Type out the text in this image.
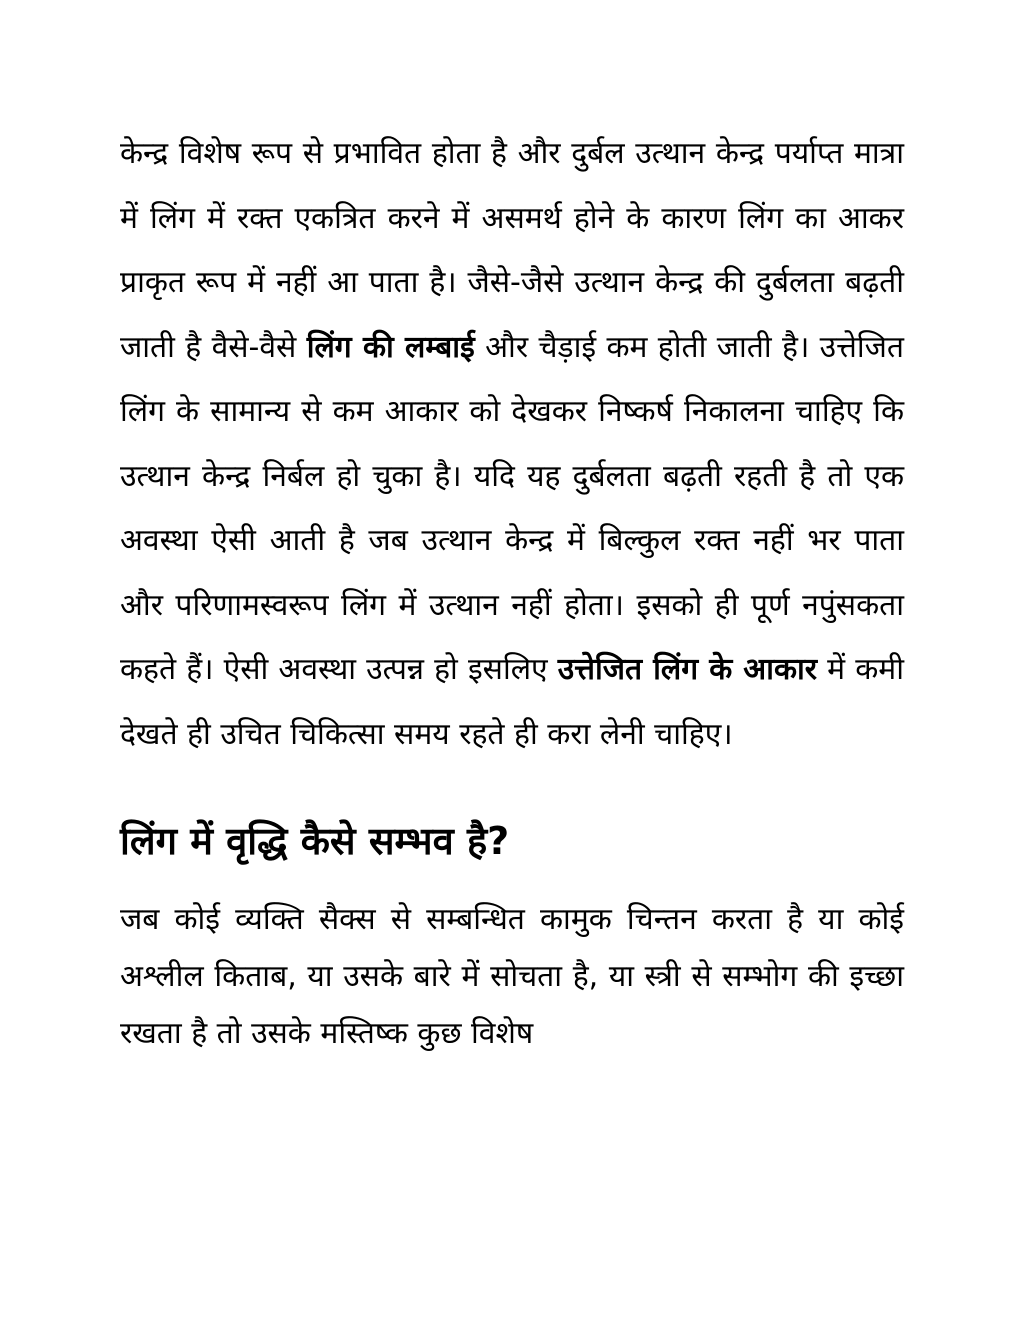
केन्द्र विशेष रूप से प्रभावित होता है और दुर्बल उत्थान केन्द्र पर्याप्त मात्रा में लिंग में रक्त एकत्रित करने में असमर्थ होने के कारण लिंग का आकर प्राकृत रूप में नहीं आ पाता है। जैसे-जैसे उत्थान केन्द्र की दुर्बलता बढ़ती जाती है वैसे-वैसे लिंग की लम्बाई और चैड़ाई कम होती जाती है। उत्तेजित लिंग के सामान्य से कम आकार को देखकर निष्कर्ष निकालना चाहिए कि उत्थान केन्द्र निर्बल हो चुका है। यदि यह दुर्बलता बढ़ती रहती है तो एक अवस्था ऐसी आती है जब उत्थान केन्द्र में बिल्कुल रक्त नहीं भर पाता और परिणामस्वरूप लिंग में उत्थान नहीं होता। इसको ही पूर्ण नपुंसकता कहते हैं। ऐसी अवस्था उत्पन्न हो इसलिए उत्तेजित लिंग के आकार में कमी देखते ही उचित चिकित्सा समय रहते ही करा लेनी चाहिए।

लिंग में वृद्धि कैसे सम्भव है?

जब कोई व्यक्ति सैक्स से सम्बन्धित कामुक चिन्तन करता है या कोई अश्लील किताब, या उसके बारे में सोचता है, या स्त्री से सम्भोग की इच्छा रखता है तो उसके मस्तिष्क कुछ विशेष
